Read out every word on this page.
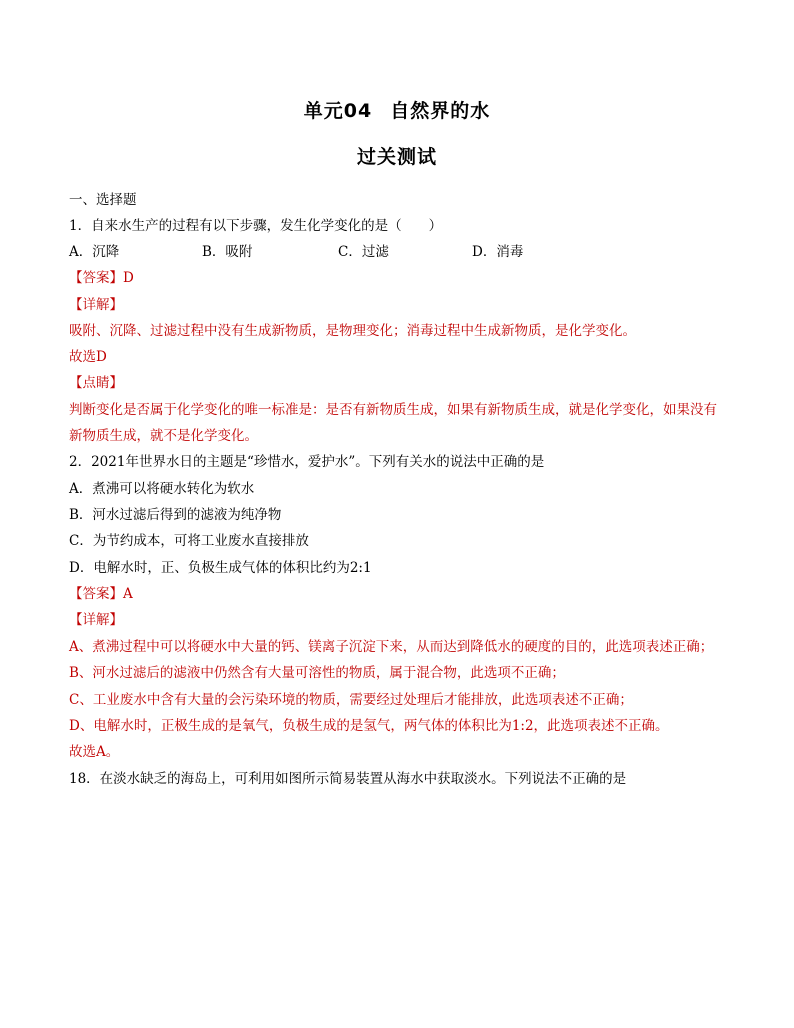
单元04 自然界的水
过关测试
一、选择题
1．自来水生产的过程有以下步骤，发生化学变化的是（　　）
A．沉降	B．吸附	C．过滤	D．消毒
【答案】D
【详解】
吸附、沉降、过滤过程中没有生成新物质，是物理变化；消毒过程中生成新物质，是化学变化。
故选D
【点睛】
判断变化是否属于化学变化的唯一标准是：是否有新物质生成，如果有新物质生成，就是化学变化，如果没有新物质生成，就不是化学变化。
2．2021年世界水日的主题是“珍惜水，爱护水”。下列有关水的说法中正确的是
A．煮沸可以将硬水转化为软水
B．河水过滤后得到的滤液为纯净物
C．为节约成本，可将工业废水直接排放
D．电解水时，正、负极生成气体的体积比约为2:1
【答案】A
【详解】
A、煮沸过程中可以将硬水中大量的钙、镁离子沉淀下来，从而达到降低水的硬度的目的，此选项表述正确；
B、河水过滤后的滤液中仍然含有大量可溶性的物质，属于混合物，此选项不正确；
C、工业废水中含有大量的会污染环境的物质，需要经过处理后才能排放，此选项表述不正确；
D、电解水时，正极生成的是氧气，负极生成的是氢气，两气体的体积比为1:2，此选项表述不正确。
故选A。
18．在淡水缺乏的海岛上，可利用如图所示简易装置从海水中获取淡水。下列说法不正确的是
